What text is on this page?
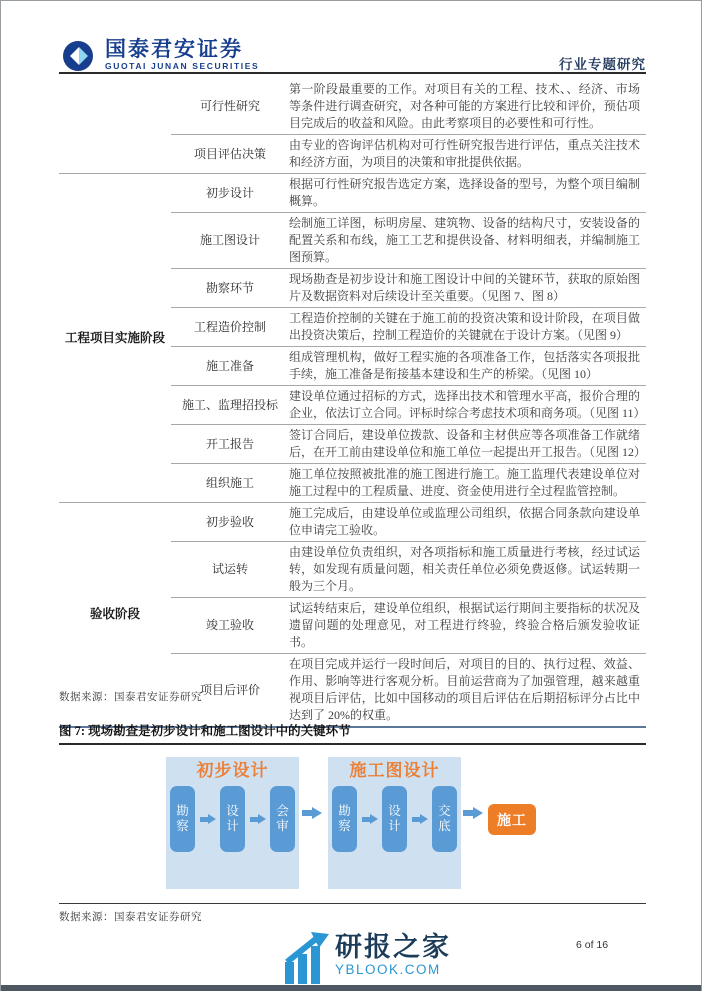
国泰君安证券
GUOTAI JUNAN SECURITIES	行业专题研究
可行性研究
第一阶段最重要的工作。对项目有关的工程、技术、、经济、市场等条件进行调查研究，对各种可能的方案进行比较和评价，预估项目完成后的收益和风险。由此考察项目的必要性和可行性。
项目评估决策
由专业的咨询评估机构对可行性研究报告进行评估，重点关注技术和经济方面，为项目的决策和审批提供依据。
工程项目实施阶段
初步设计
根据可行性研究报告选定方案，选择设备的型号，为整个项目编制概算。
施工图设计
绘制施工详图，标明房屋、建筑物、设备的结构尺寸，安装设备的配置关系和布线，施工工艺和提供设备、材料明细表，并编制施工图预算。
勘察环节
现场勘查是初步设计和施工图设计中间的关键环节，获取的原始图片及数据资料对后续设计至关重要。（见图 7、图 8）
工程造价控制
工程造价控制的关键在于施工前的投资决策和设计阶段，在项目做出投资决策后，控制工程造价的关键就在于设计方案。（见图 9）
施工准备
组成管理机构，做好工程实施的各项准备工作，包括落实各项报批手续，施工准备是衔接基本建设和生产的桥梁。（见图 10）
施工、监理招投标
建设单位通过招标的方式，选择出技术和管理水平高，报价合理的企业，依法订立合同。评标时综合考虑技术项和商务项。（见图 11）
开工报告
签订合同后，建设单位拨款、设备和主材供应等各项准备工作就绪后，在开工前由建设单位和施工单位一起提出开工报告。（见图 12）
组织施工
施工单位按照被批准的施工图进行施工。施工监理代表建设单位对施工过程中的工程质量、进度、资金使用进行全过程监管控制。
验收阶段
初步验收
施工完成后，由建设单位或监理公司组织，依据合同条款向建设单位申请完工验收。
试运转
由建设单位负责组织，对各项指标和施工质量进行考核，经过试运转，如发现有质量问题，相关责任单位必须免费返修。试运转期一般为三个月。
竣工验收
试运转结束后，建设单位组织，根据试运行期间主要指标的状况及遗留问题的处理意见，对工程进行终验，终验合格后颁发验收证书。
项目后评价
在项目完成并运行一段时间后，对项目的目的、执行过程、效益、作用、影响等进行客观分析。目前运营商为了加强管理，越来越重视项目后评估，比如中国移动的项目后评估在后期招标评分占比中达到了 20%的权重。
数据来源：国泰君安证券研究
图 7: 现场勘查是初步设计和施工图设计中的关键环节
初步设计
勘察
设计
会审
施工图设计
勘察
设计
交底	施工
数据来源：国泰君安证券研究
研报之家
YBLOOK.COM
6 of 16
